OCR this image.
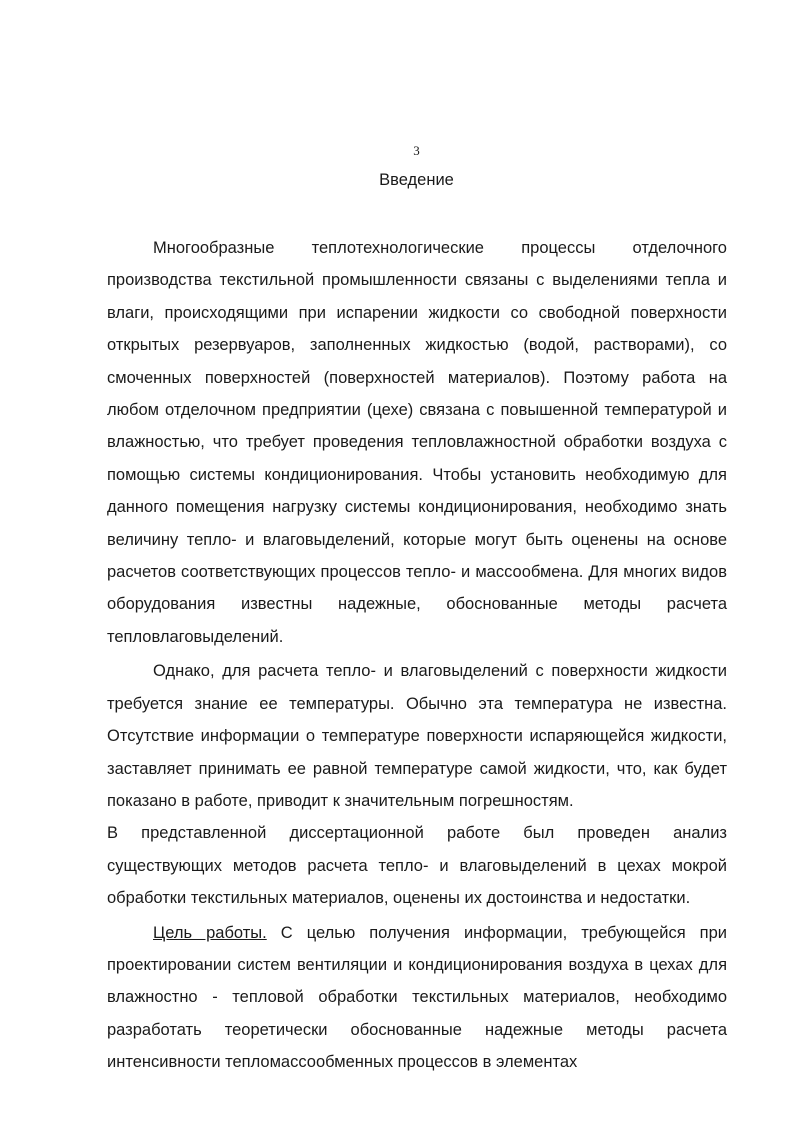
3
Введение

Многообразные теплотехнологические процессы отделочного производства текстильной промышленности связаны с выделениями тепла и влаги, происходящими при испарении жидкости со свободной поверхности открытых резервуаров, заполненных жидкостью (водой, растворами), со смоченных поверхностей (поверхностей материалов). Поэтому работа на любом отделочном предприятии (цехе) связана с повышенной температурой и влажностью, что требует проведения тепловлажностной обработки воздуха с помощью системы кондиционирования. Чтобы установить необходимую для данного помещения нагрузку системы кондиционирования, необходимо знать величину тепло- и влаговыделений, которые могут быть оценены на основе расчетов соответствующих процессов тепло- и массообмена. Для многих видов оборудования известны надежные, обоснованные методы расчета тепловлаговыделений.

Однако, для расчета тепло- и влаговыделений с поверхности жидкости требуется знание ее температуры. Обычно эта температура не известна. Отсутствие информации о температуре поверхности испаряющейся жидкости, заставляет принимать ее равной температуре самой жидкости, что, как будет показано в работе, приводит к значительным погрешностям.

В представленной диссертационной работе был проведен анализ существующих методов расчета тепло- и влаговыделений в цехах мокрой обработки текстильных материалов, оценены их достоинства и недостатки.

Цель работы. С целью получения информации, требующейся при проектировании систем вентиляции и кондиционирования воздуха в цехах для влажностно - тепловой обработки текстильных материалов, необходимо разработать теоретически обоснованные надежные методы расчета интенсивности тепломассообменных процессов в элементах
